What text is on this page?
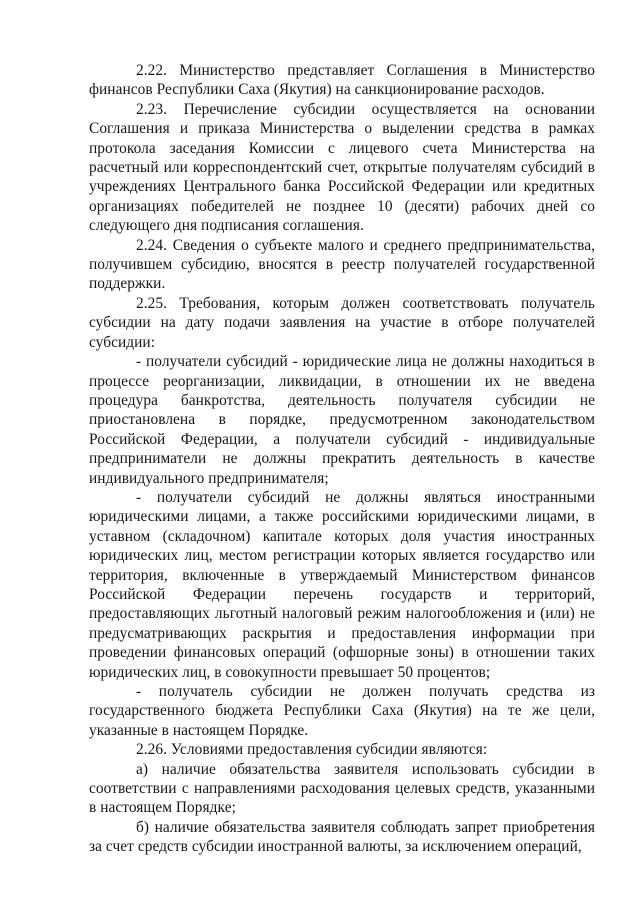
2.22. Министерство представляет Соглашения в Министерство финансов Республики Саха (Якутия) на санкционирование расходов.

2.23. Перечисление субсидии осуществляется на основании Соглашения и приказа Министерства о выделении средства в рамках протокола заседания Комиссии с лицевого счета Министерства на расчетный или корреспондентский счет, открытые получателям субсидий в учреждениях Центрального банка Российской Федерации или кредитных организациях победителей не позднее 10 (десяти) рабочих дней со следующего дня подписания соглашения.

2.24. Сведения о субъекте малого и среднего предпринимательства, получившем субсидию, вносятся в реестр получателей государственной поддержки.

2.25. Требования, которым должен соответствовать получатель субсидии на дату подачи заявления на участие в отборе получателей субсидии:

- получатели субсидий - юридические лица не должны находиться в процессе реорганизации, ликвидации, в отношении их не введена процедура банкротства, деятельность получателя субсидии не приостановлена в порядке, предусмотренном законодательством Российской Федерации, а получатели субсидий - индивидуальные предприниматели не должны прекратить деятельность в качестве индивидуального предпринимателя;

- получатели субсидий не должны являться иностранными юридическими лицами, а также российскими юридическими лицами, в уставном (складочном) капитале которых доля участия иностранных юридических лиц, местом регистрации которых является государство или территория, включенные в утверждаемый Министерством финансов Российской Федерации перечень государств и территорий, предоставляющих льготный налоговый режим налогообложения и (или) не предусматривающих раскрытия и предоставления информации при проведении финансовых операций (офшорные зоны) в отношении таких юридических лиц, в совокупности превышает 50 процентов;

- получатель субсидии не должен получать средства из государственного бюджета Республики Саха (Якутия) на те же цели, указанные в настоящем Порядке.

2.26. Условиями предоставления субсидии являются:

а) наличие обязательства заявителя использовать субсидии в соответствии с направлениями расходования целевых средств, указанными в настоящем Порядке;

б) наличие обязательства заявителя соблюдать запрет приобретения за счет средств субсидии иностранной валюты, за исключением операций,
